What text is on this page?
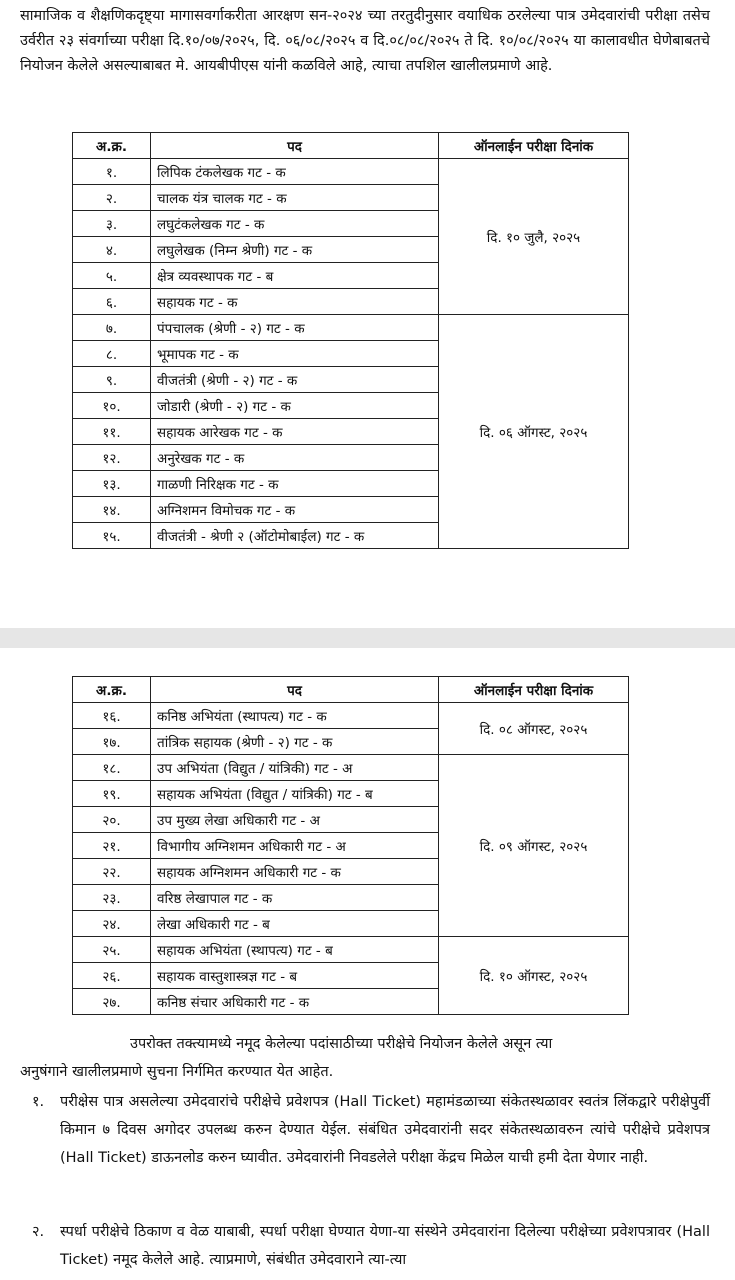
सामाजिक व शैक्षणिकदृष्ट्या मागासवर्गाकरीता आरक्षण सन-२०२४ च्या तरतुदीनुसार वयाधिक ठरलेल्या पात्र उमेदवारांची परीक्षा तसेच उर्वरीत २३ संवर्गाच्या परीक्षा दि.१०/०७/२०२५, दि. ०६/०८/२०२५ व दि.०८/०८/२०२५ ते दि. १०/०८/२०२५ या कालावधीत घेणेबाबतचे नियोजन केलेले असल्याबाबत मे. आयबीपीएस यांनी कळविले आहे, त्याचा तपशिल खालीलप्रमाणे आहे.

अ.क्र.	पद	ऑनलाईन परीक्षा दिनांक
१.	लिपिक टंकलेखक गट - क	दि. १० जुलै, २०२५
२.	चालक यंत्र चालक गट - क	
३.	लघुटंकलेखक गट - क	
४.	लघुलेखक (निम्न श्रेणी) गट - क	
५.	क्षेत्र व्यवस्थापक गट - ब	
६.	सहायक गट - क	
७.	पंपचालक (श्रेणी - २) गट - क	दि. ०६ ऑगस्ट, २०२५
८.	भूमापक गट - क	
९.	वीजतंत्री (श्रेणी - २) गट - क	
१०.	जोडारी (श्रेणी - २) गट - क	
११.	सहायक आरेखक गट - क	
१२.	अनुरेखक गट - क	
१३.	गाळणी निरिक्षक गट - क	
१४.	अग्निशमन विमोचक गट - क	
१५.	वीजतंत्री - श्रेणी २ (ऑटोमोबाईल) गट - क	
अ.क्र.	पद	ऑनलाईन परीक्षा दिनांक
१६.	कनिष्ठ अभियंता (स्थापत्य) गट - क	दि. ०८ ऑगस्ट, २०२५
१७.	तांत्रिक सहायक (श्रेणी - २) गट - क	
१८.	उप अभियंता (विद्युत / यांत्रिकी) गट - अ	दि. ०९ ऑगस्ट, २०२५
१९.	सहायक अभियंता (विद्युत / यांत्रिकी) गट - ब	
२०.	उप मुख्य लेखा अधिकारी गट - अ	
२१.	विभागीय अग्निशमन अधिकारी गट - अ	
२२.	सहायक अग्निशमन अधिकारी गट - क	
२३.	वरिष्ठ लेखापाल गट - क	
२४.	लेखा अधिकारी गट - ब	
२५.	सहायक अभियंता (स्थापत्य) गट - ब	दि. १० ऑगस्ट, २०२५
२६.	सहायक वास्तुशास्त्रज्ञ गट - ब	
२७.	कनिष्ठ संचार अधिकारी गट - क	
उपरोक्त तक्त्यामध्ये नमूद केलेल्या पदांसाठीच्या परीक्षेचे नियोजन केलेले असून त्या
अनुषंगाने खालीलप्रमाणे सुचना निर्गमित करण्यात येत आहेत.
१. परीक्षेस पात्र असलेल्या उमेदवारांचे परीक्षेचे प्रवेशपत्र (Hall Ticket) महामंडळाच्या संकेतस्थळावर स्वतंत्र लिंकद्वारे परीक्षेपुर्वी किमान ७ दिवस अगोदर उपलब्ध करुन देण्यात येईल. संबंधित उमेदवारांनी सदर संकेतस्थळावरुन त्यांचे परीक्षेचे प्रवेशपत्र (Hall Ticket) डाऊनलोड करुन घ्यावीत. उमेदवारांनी निवडलेले परीक्षा केंद्रच मिळेल याची हमी देता येणार नाही.
२. स्पर्धा परीक्षेचे ठिकाण व वेळ याबाबी, स्पर्धा परीक्षा घेण्यात येणा-या संस्थेने उमेदवारांना दिलेल्या परीक्षेच्या प्रवेशपत्रावर (Hall Ticket) नमूद केलेले आहे. त्याप्रमाणे, संबंधीत उमेदवाराने त्या-त्या
